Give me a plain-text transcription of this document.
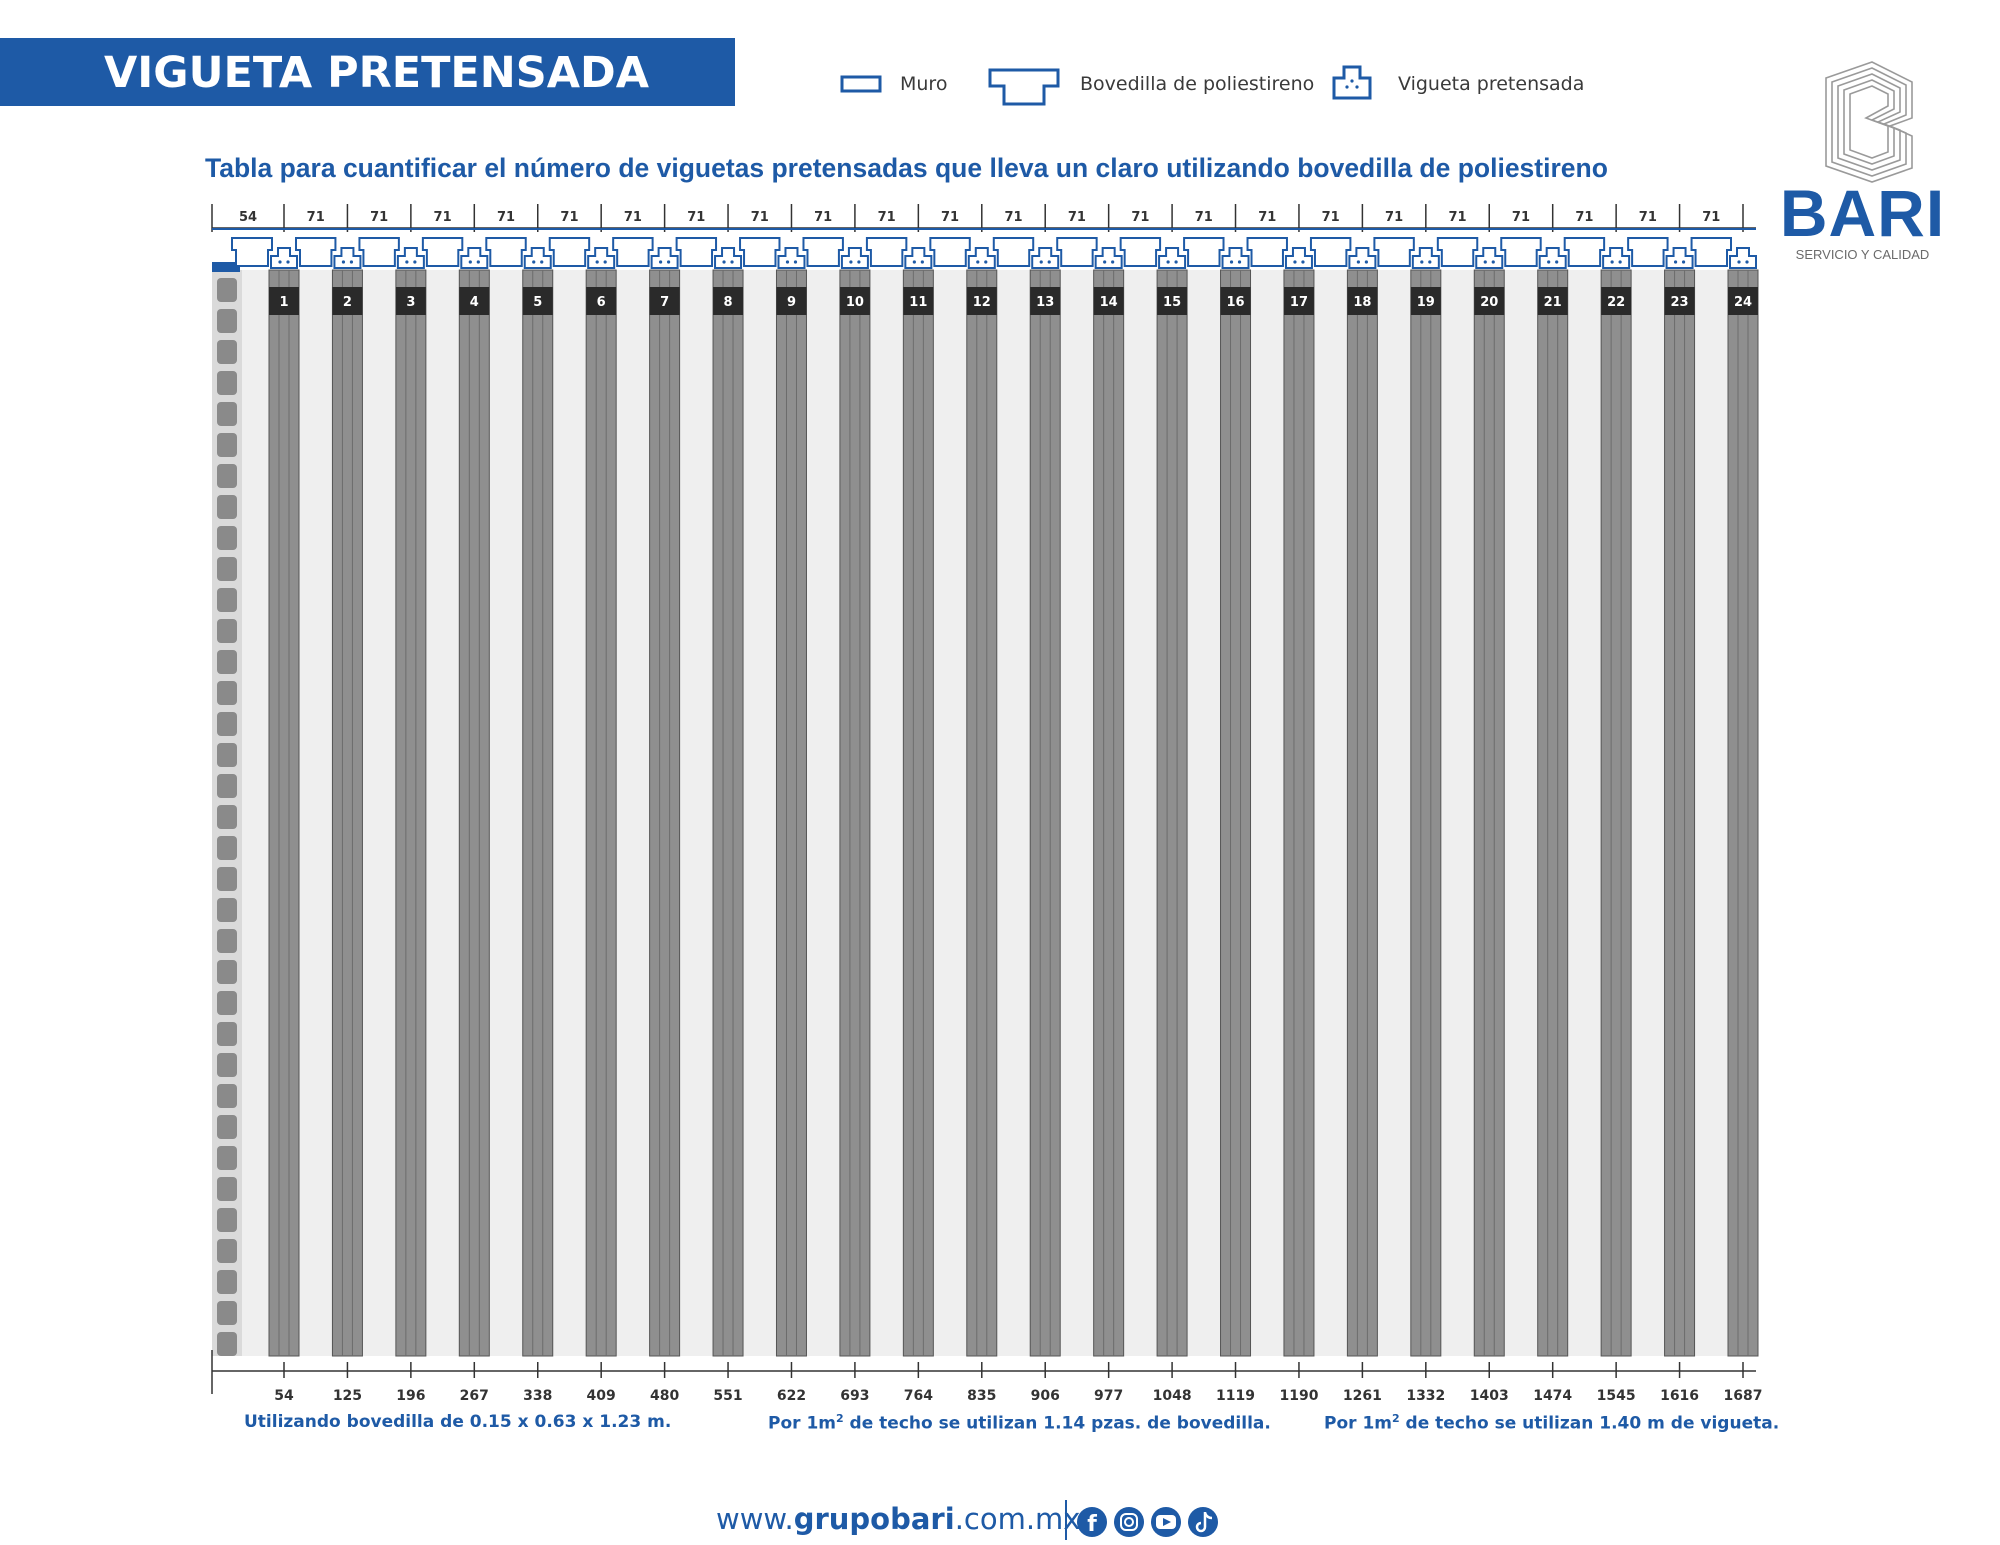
VIGUETA PRETENSADA	Muro	Bovedilla de poliestireno	Vigueta pretensada
Tabla para cuantificar el número de viguetas pretensadas que lleva un claro utilizando bovedilla de poliestireno
BARI
SERVICIO Y CALIDAD
54	71	71	71	71	71	71	71	71	71	71	71	71	71	71	71	71	71	71	71	71	71	71	71
1	2	3	4	5	6	7	8	9	10	11	12	13	14	15	16	17	18	19	20	21	22	23	24
54	125 196 267 338 409 480 551 622 693 764 835 906 977 1048 1119 1190 1261 1332 1403 1474 1545 1616 1687
f
Utilizando bovedilla de 0.15 x 0.63 x 1.23 m.	Por $1m^2$ de techo se utilizan 1.14 pzas. de bovedilla.	Por $1m^2$ de techo se utilizan 1.40 m de vigueta.
www.grupobari.com.mx
